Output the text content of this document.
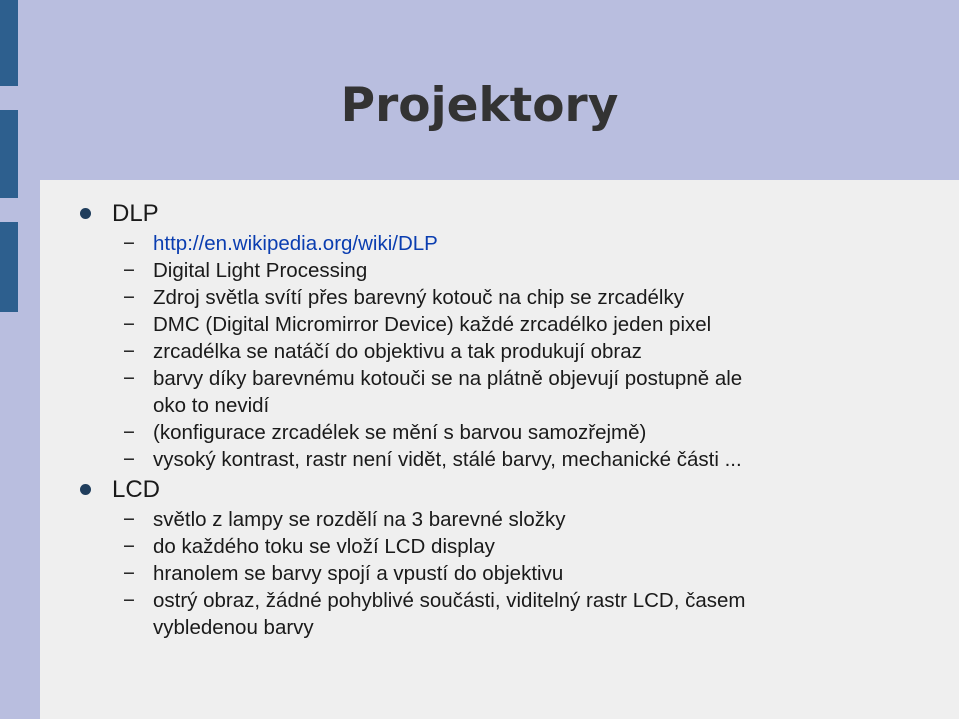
Projektory
DLP
− http://en.wikipedia.org/wiki/DLP
− Digital Light Processing
− Zdroj světla svítí přes barevný kotouč na chip se zrcadélky
− DMC (Digital Micromirror Device) každé zrcadélko jeden pixel
− zrcadélka se natáčí do objektivu a tak produkují obraz
− barvy díky barevnému kotouči se na plátně objevují postupně ale
oko to nevidí
− (konfigurace zrcadélek se mění s barvou samozřejmě)
− vysoký kontrast, rastr není vidět, stálé barvy, mechanické části ...
LCD
− světlo z lampy se rozdělí na 3 barevné složky
− do každého toku se vloží LCD display
− hranolem se barvy spojí a vpustí do objektivu
− ostrý obraz, žádné pohyblivé součásti, viditelný rastr LCD, časem
vybledenou barvy
